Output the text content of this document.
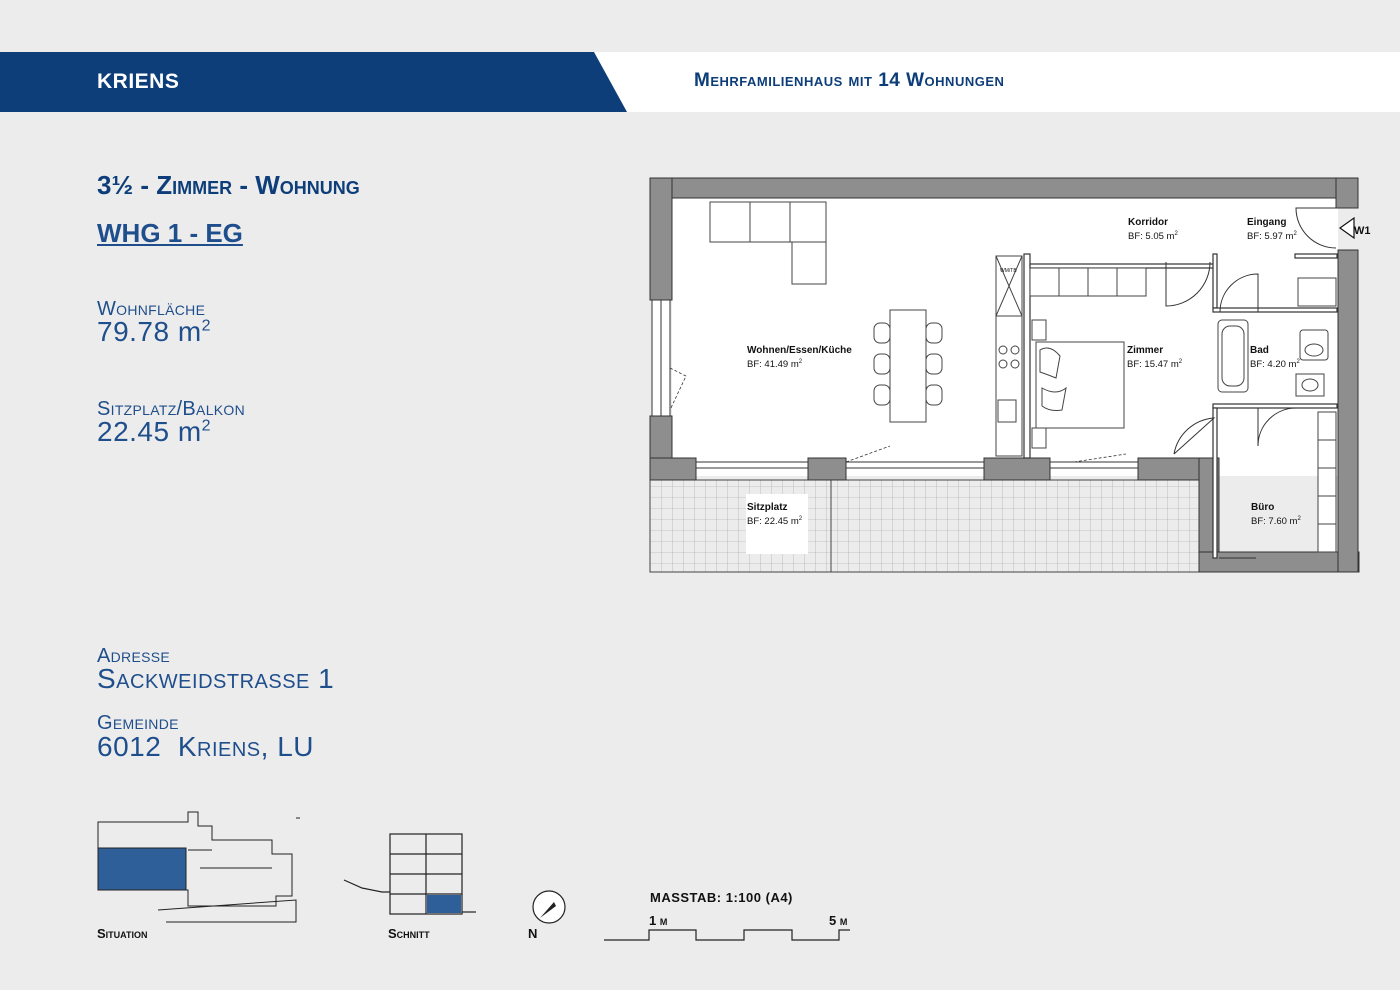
KRIENS	Mehrfamilienhaus mit 14 Wohnungen
3½ - Zimmer - Wohnung
WHG 1 - EG
Wohnfläche
79.78 $m^2$
Sitzplatz/Balkon
22.45 $m^2$
Adresse
Sackweidstrasse 1
Gemeinde
6012  Kriens, LU
W1
WM/TB
Wohnen/Essen/Küche
BF: 41.49 $m^2$
Korridor
BF: 5.05 $m^2$
Eingang
BF: 5.97 $m^2$
Zimmer
BF: 15.47 $m^2$
Bad
BF: 4.20 $m^2$
Sitzplatz
BF: 22.45 $m^2$
Büro
BF: 7.60 $m^2$
Situation	Schnitt	N
MASSTAB: 1:100 (A4)
1 m	5 m
